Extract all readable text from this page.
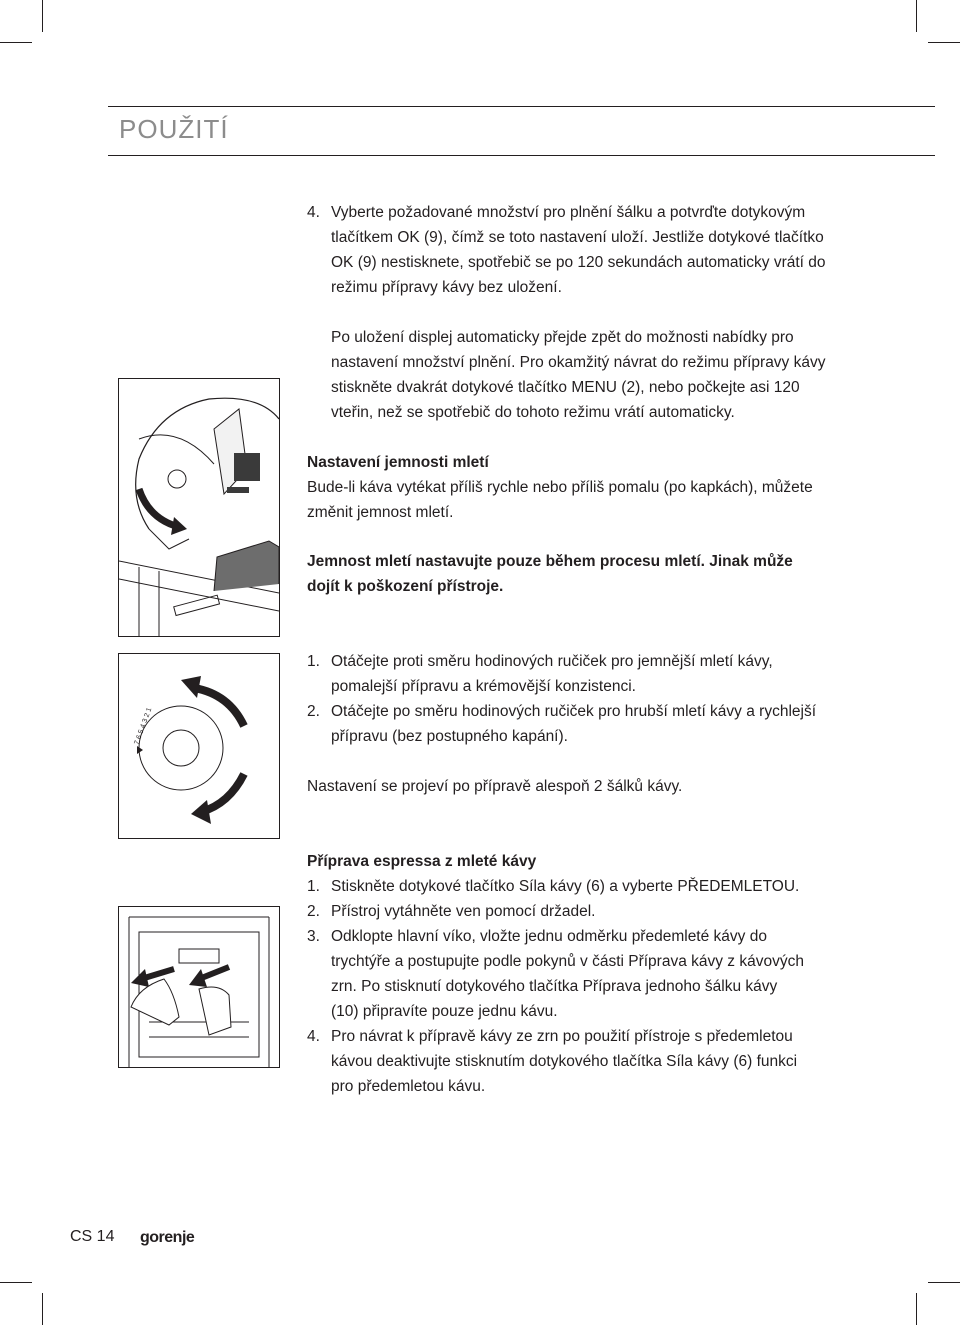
POUŽITÍ
4. Vyberte požadované množství pro plnění šálku a potvrďte dotykovým
tlačítkem OK (9), čímž se toto nastavení uloží. Jestliže dotykové tlačítko
OK (9) nestisknete, spotřebič se po 120 sekundách automaticky vrátí do
režimu přípravy kávy bez uložení.
Po uložení displej automaticky přejde zpět do možnosti nabídky pro
nastavení množství plnění. Pro okamžitý návrat do režimu přípravy kávy
stiskněte dvakrát dotykové tlačítko MENU (2), nebo počkejte asi 120
vteřin, než se spotřebič do tohoto režimu vrátí automaticky.
Nastavení jemnosti mletí
Bude-li káva vytékat příliš rychle nebo příliš pomalu (po kapkách), můžete
změnit jemnost mletí.
Jemnost mletí nastavujte pouze během procesu mletí. Jinak může
dojít k poškození přístroje.
1. Otáčejte proti směru hodinových ručiček pro jemnější mletí kávy,
pomalejší přípravu a krémovější konzistenci.
2. Otáčejte po směru hodinových ručiček pro hrubší mletí kávy a rychlejší
přípravu (bez postupného kapání).
Nastavení se projeví po přípravě alespoň 2 šálků kávy.
Příprava espressa z mleté kávy
1. Stiskněte dotykové tlačítko Síla kávy (6) a vyberte PŘEDEMLETOU.
2. Přístroj vytáhněte ven pomocí držadel.
3. Odklopte hlavní víko, vložte jednu odměrku předemleté kávy do
trychtýře a postupujte podle pokynů v části Příprava kávy z kávových
zrn. Po stisknutí dotykového tlačítka Příprava jednoho šálku kávy
(10) připravíte pouze jednu kávu.
4. Pro návrat k přípravě kávy ze zrn po použití přístroje s předemletou
kávou deaktivujte stisknutím dotykového tlačítka Síla kávy (6) funkci
pro předemletou kávu.
7 6 5 4 3 2 1
CS 14 gorenje
